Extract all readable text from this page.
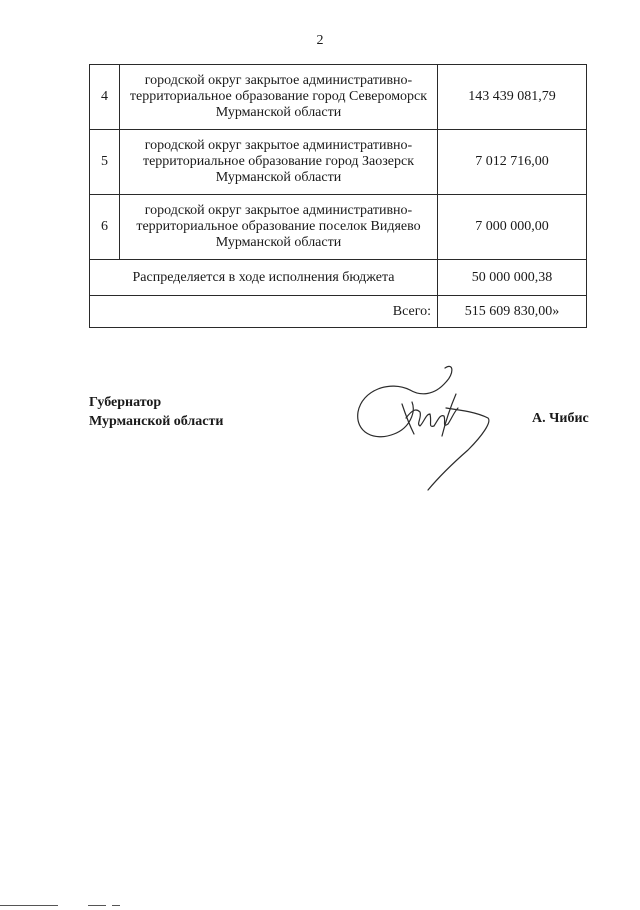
2
4	городской округ закрытое административно-территориальное образование город Североморск Мурманской области	143 439 081,79
5	городской округ закрытое административно-территориальное образование город Заозерск Мурманской области	7 012 716,00
6	городской округ закрытое административно-территориальное образование поселок Видяево Мурманской области	7 000 000,00
Распределяется в ходе исполнения бюджета		50 000 000,38
Всего:		515 609 830,00»
Губернатор
Мурманской области	А. Чибис
